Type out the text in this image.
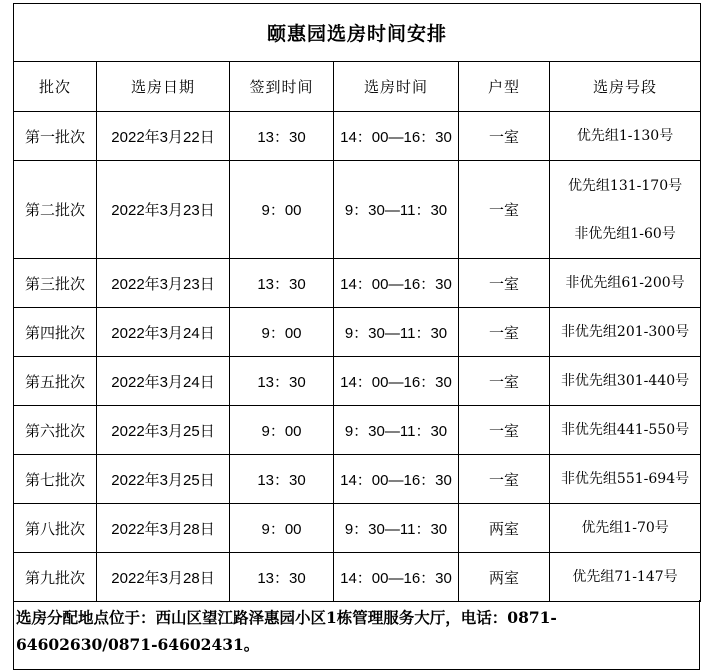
颐惠园选房时间安排					
批次	选房日期	签到时间	选房时间	户型	选房号段
第一批次	2022年3月22日	13：30	14：00—16：30	一室	优先组1-130号

第二批次	2022年3月23日	9：00	9：30—11：30	一室	优先组131-170号
非优先组1-60号

第三批次	2022年3月23日	13：30	14：00—16：30	一室	非优先组61-200号

第四批次	2022年3月24日	9：00	9：30—11：30	一室	非优先组201-300号

第五批次	2022年3月24日	13：30	14：00—16：30	一室	非优先组301-440号

第六批次	2022年3月25日	9：00	9：30—11：30	一室	非优先组441-550号

第七批次	2022年3月25日	13：30	14：00—16：30	一室	非优先组551-694号

第八批次	2022年3月28日	9：00	9：30—11：30	两室	优先组1-70号

第九批次	2022年3月28日	13：30	14：00—16：30	两室	优先组71-147号

选房分配地点位于：西山区望江路泽惠园小区1栋管理服务大厅，电话：0871-64602630/0871-64602431。
